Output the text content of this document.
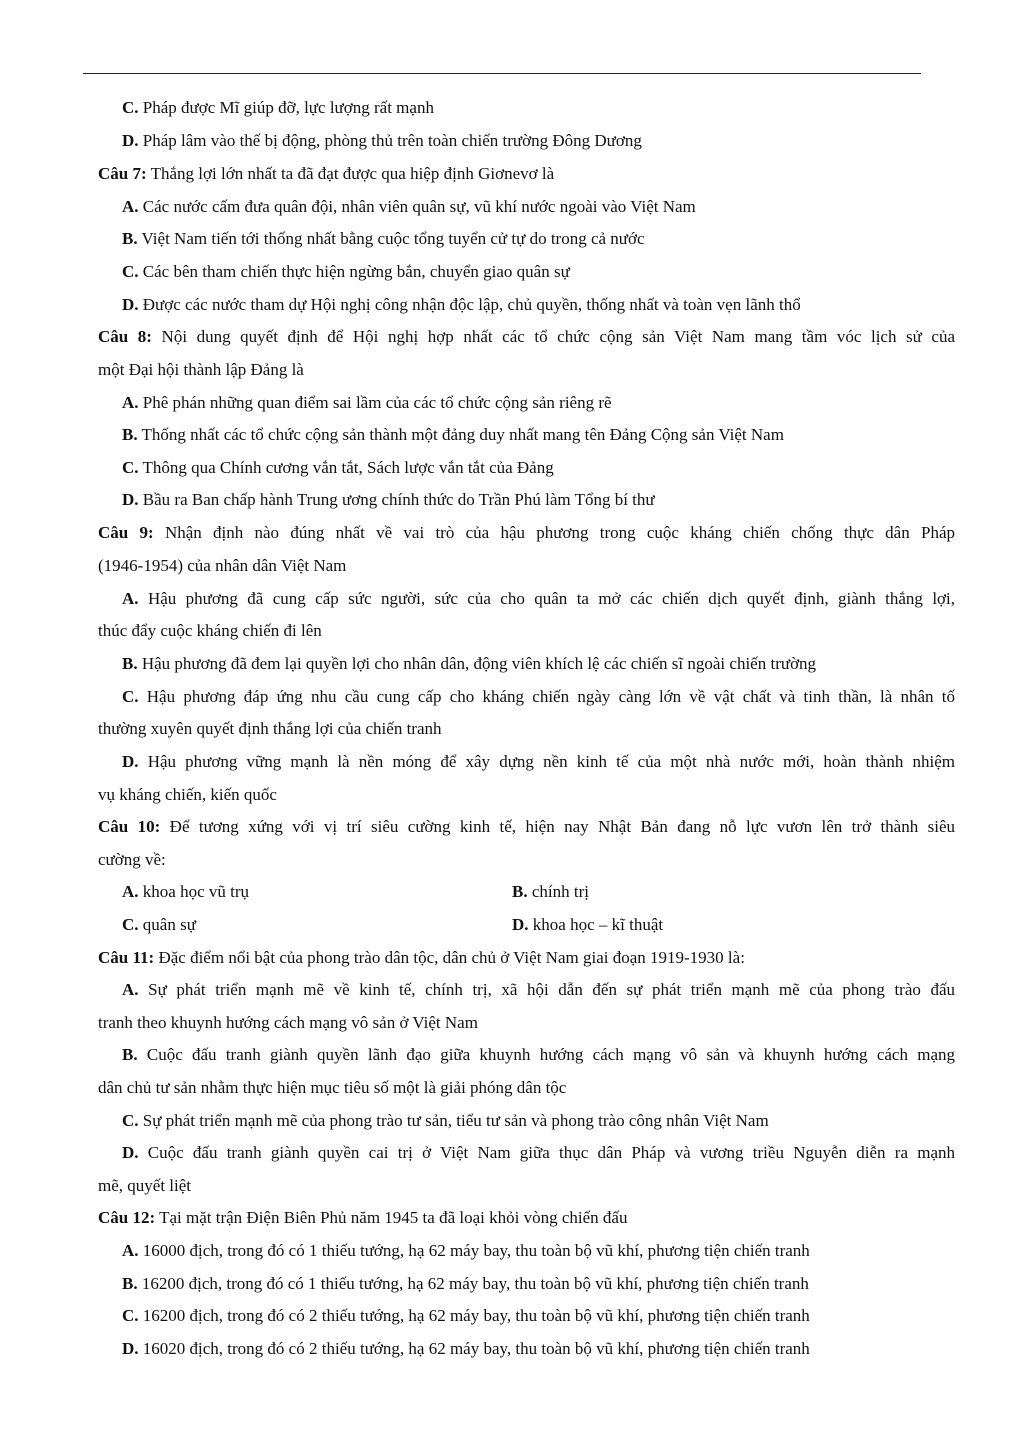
C. Pháp được Mĩ giúp đỡ, lực lượng rất mạnh
D. Pháp lâm vào thế bị động, phòng thủ trên toàn chiến trường Đông Dương
Câu 7: Thắng lợi lớn nhất ta đã đạt được qua hiệp định Giơnevơ là
A. Các nước cấm đưa quân đội, nhân viên quân sự, vũ khí nước ngoài vào Việt Nam
B. Việt Nam tiến tới thống nhất bằng cuộc tổng tuyển cử tự do trong cả nước
C. Các bên tham chiến thực hiện ngừng bắn, chuyển giao quân sự
D. Được các nước tham dự Hội nghị công nhận độc lập, chủ quyền, thống nhất và toàn vẹn lãnh thổ
Câu 8: Nội dung quyết định để Hội nghị hợp nhất các tổ chức cộng sản Việt Nam mang tầm vóc lịch sử của
một Đại hội thành lập Đảng là
A. Phê phán những quan điểm sai lầm của các tổ chức cộng sản riêng rẽ
B. Thống nhất các tổ chức cộng sản thành một đảng duy nhất mang tên Đảng Cộng sản Việt Nam
C. Thông qua Chính cương vắn tắt, Sách lược vắn tắt của Đảng
D. Bầu ra Ban chấp hành Trung ương chính thức do Trần Phú làm Tổng bí thư
Câu 9: Nhận định nào đúng nhất về vai trò của hậu phương trong cuộc kháng chiến chống thực dân Pháp
(1946-1954) của nhân dân Việt Nam
A. Hậu phương đã cung cấp sức người, sức của cho quân ta mở các chiến dịch quyết định, giành thắng lợi,
thúc đẩy cuộc kháng chiến đi lên
B. Hậu phương đã đem lại quyền lợi cho nhân dân, động viên khích lệ các chiến sĩ ngoài chiến trường
C. Hậu phương đáp ứng nhu cầu cung cấp cho kháng chiến ngày càng lớn về vật chất và tinh thần, là nhân tố
thường xuyên quyết định thắng lợi của chiến tranh
D. Hậu phương vững mạnh là nền móng để xây dựng nền kinh tế của một nhà nước mới, hoàn thành nhiệm
vụ kháng chiến, kiến quốc
Câu 10: Để tương xứng với vị trí siêu cường kinh tế, hiện nay Nhật Bản đang nỗ lực vươn lên trở thành siêu
cường về:
A. khoa học vũ trụ	B. chính trị
C. quân sự	D. khoa học – kĩ thuật
Câu 11: Đặc điểm nổi bật của phong trào dân tộc, dân chủ ở Việt Nam giai đoạn 1919-1930 là:
A. Sự phát triển mạnh mẽ về kinh tế, chính trị, xã hội dẫn đến sự phát triển mạnh mẽ của phong trào đấu
tranh theo khuynh hướng cách mạng vô sản ở Việt Nam
B. Cuộc đấu tranh giành quyền lãnh đạo giữa khuynh hướng cách mạng vô sản và khuynh hướng cách mạng
dân chủ tư sản nhằm thực hiện mục tiêu số một là giải phóng dân tộc
C. Sự phát triển mạnh mẽ của phong trào tư sản, tiểu tư sản và phong trào công nhân Việt Nam
D. Cuộc đấu tranh giành quyền cai trị ở Việt Nam giữa thục dân Pháp và vương triều Nguyễn diễn ra mạnh
mẽ, quyết liệt
Câu 12: Tại mặt trận Điện Biên Phủ năm 1945 ta đã loại khỏi vòng chiến đấu
A. 16000 địch, trong đó có 1 thiếu tướng, hạ 62 máy bay, thu toàn bộ vũ khí, phương tiện chiến tranh
B. 16200 địch, trong đó có 1 thiếu tướng, hạ 62 máy bay, thu toàn bộ vũ khí, phương tiện chiến tranh
C. 16200 địch, trong đó có 2 thiếu tướng, hạ 62 máy bay, thu toàn bộ vũ khí, phương tiện chiến tranh
D. 16020 địch, trong đó có 2 thiếu tướng, hạ 62 máy bay, thu toàn bộ vũ khí, phương tiện chiến tranh
